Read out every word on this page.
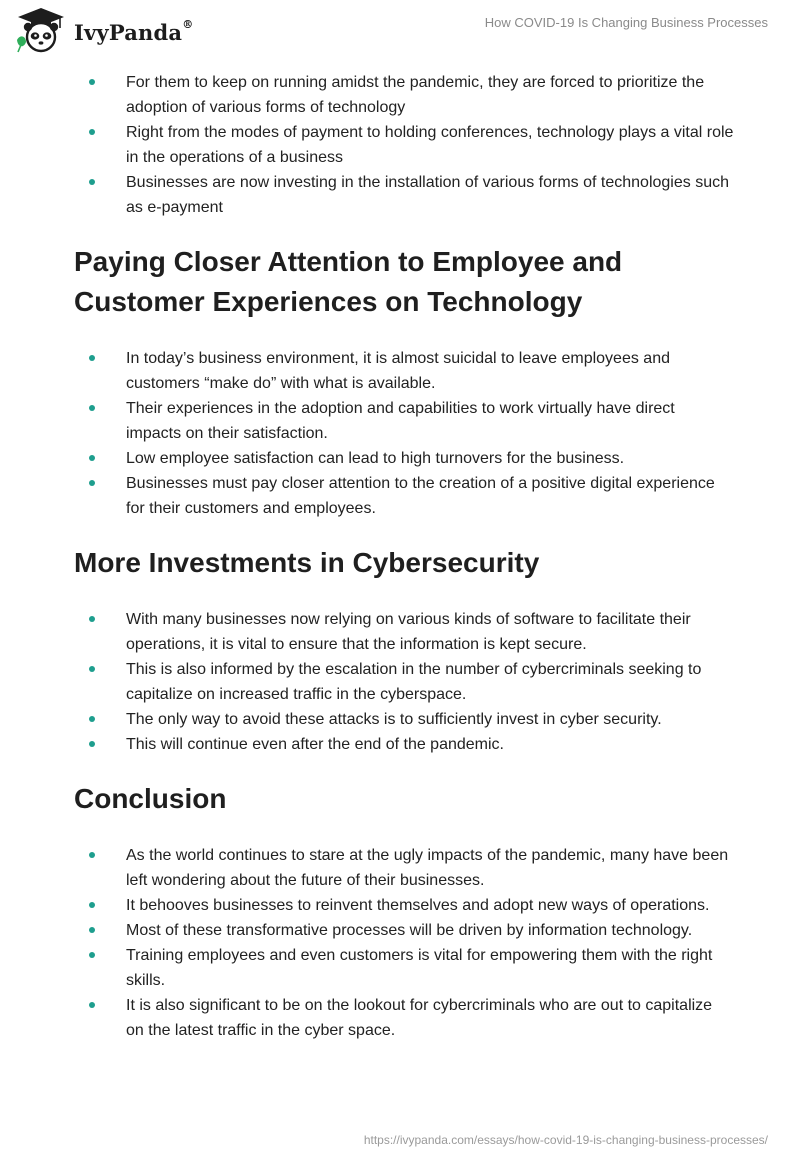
IvyPanda®	How COVID-19 Is Changing Business Processes
For them to keep on running amidst the pandemic, they are forced to prioritize the adoption of various forms of technology
Right from the modes of payment to holding conferences, technology plays a vital role in the operations of a business
Businesses are now investing in the installation of various forms of technologies such as e-payment
Paying Closer Attention to Employee and Customer Experiences on Technology
In today’s business environment, it is almost suicidal to leave employees and customers “make do” with what is available.
Their experiences in the adoption and capabilities to work virtually have direct impacts on their satisfaction.
Low employee satisfaction can lead to high turnovers for the business.
Businesses must pay closer attention to the creation of a positive digital experience for their customers and employees.
More Investments in Cybersecurity
With many businesses now relying on various kinds of software to facilitate their operations, it is vital to ensure that the information is kept secure.
This is also informed by the escalation in the number of cybercriminals seeking to capitalize on increased traffic in the cyberspace.
The only way to avoid these attacks is to sufficiently invest in cyber security.
This will continue even after the end of the pandemic.
Conclusion
As the world continues to stare at the ugly impacts of the pandemic, many have been left wondering about the future of their businesses.
It behooves businesses to reinvent themselves and adopt new ways of operations.
Most of these transformative processes will be driven by information technology.
Training employees and even customers is vital for empowering them with the right skills.
It is also significant to be on the lookout for cybercriminals who are out to capitalize on the latest traffic in the cyber space.
https://ivypanda.com/essays/how-covid-19-is-changing-business-processes/
